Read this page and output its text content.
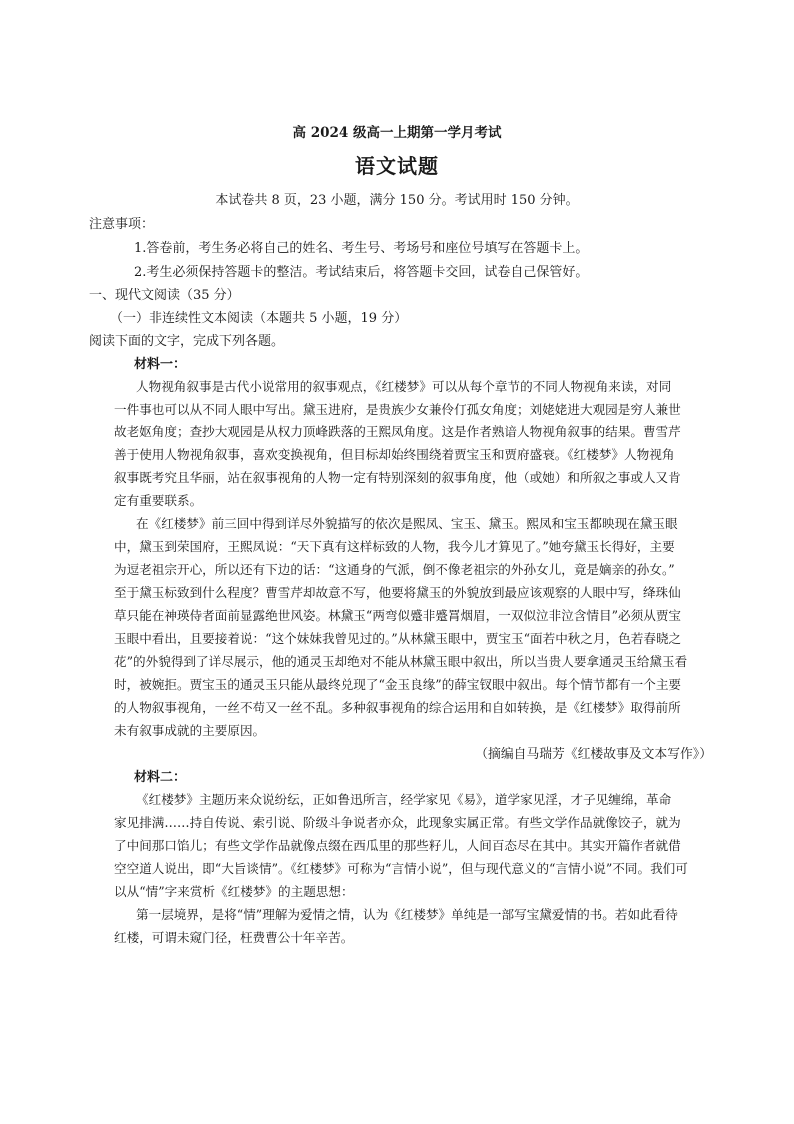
高 2024 级高一上期第一学月考试
语文试题
本试卷共 8 页，23 小题，满分 150 分。考试用时 150 分钟。
注意事项：
1.答卷前，考生务必将自己的姓名、考生号、考场号和座位号填写在答题卡上。
2.考生必须保持答题卡的整洁。考试结束后，将答题卡交回，试卷自己保管好。
一、现代文阅读（35 分）
（一）非连续性文本阅读（本题共 5 小题，19 分）
阅读下面的文字，完成下列各题。
材料一：
人物视角叙事是古代小说常用的叙事观点，《红楼梦》可以从每个章节的不同人物视角来读，对同
一件事也可以从不同人眼中写出。黛玉进府，是贵族少女兼伶仃孤女角度；刘姥姥进大观园是穷人兼世
故老妪角度；查抄大观园是从权力顶峰跌落的王熙凤角度。这是作者熟谙人物视角叙事的结果。曹雪芹
善于使用人物视角叙事，喜欢变换视角，但目标却始终围绕着贾宝玉和贾府盛衰。《红楼梦》人物视角
叙事既考究且华丽，站在叙事视角的人物一定有特别深刻的叙事角度，他（或她）和所叙之事或人又肯
定有重要联系。
在《红楼梦》前三回中得到详尽外貌描写的依次是熙凤、宝玉、黛玉。熙凤和宝玉都映现在黛玉眼
中，黛玉到荣国府，王熙凤说：“天下真有这样标致的人物，我今儿才算见了。”她夸黛玉长得好，主要
为逗老祖宗开心，所以还有下边的话：“这通身的气派，倒不像老祖宗的外孙女儿，竟是嫡亲的孙女。”
至于黛玉标致到什么程度？曹雪芹却故意不写，他要将黛玉的外貌放到最应该观察的人眼中写，绛珠仙
草只能在神瑛侍者面前显露绝世风姿。林黛玉“两弯似蹙非蹙罥烟眉，一双似泣非泣含情目”必须从贾宝
玉眼中看出，且要接着说：“这个妹妹我曾见过的。”从林黛玉眼中，贾宝玉“面若中秋之月，色若春晓之
花”的外貌得到了详尽展示，他的通灵玉却绝对不能从林黛玉眼中叙出，所以当贵人要拿通灵玉给黛玉看
时，被婉拒。贾宝玉的通灵玉只能从最终兑现了“金玉良缘”的薛宝钗眼中叙出。每个情节都有一个主要
的人物叙事视角，一丝不苟又一丝不乱。多种叙事视角的综合运用和自如转换，是《红楼梦》取得前所
未有叙事成就的主要原因。
（摘编自马瑞芳《红楼故事及文本写作》）
材料二：
《红楼梦》主题历来众说纷纭，正如鲁迅所言，经学家见《易》，道学家见淫，才子见缠绵，革命
家见排满……持自传说、索引说、阶级斗争说者亦众，此现象实属正常。有些文学作品就像饺子，就为
了中间那口馅儿；有些文学作品就像点缀在西瓜里的那些籽儿，人间百态尽在其中。其实开篇作者就借
空空道人说出，即“大旨谈情”。《红楼梦》可称为“言情小说”，但与现代意义的“言情小说”不同。我们可
以从“情”字来赏析《红楼梦》的主题思想：
第一层境界，是将“情”理解为爱情之情，认为《红楼梦》单纯是一部写宝黛爱情的书。若如此看待
红楼，可谓未窥门径，枉费曹公十年辛苦。
